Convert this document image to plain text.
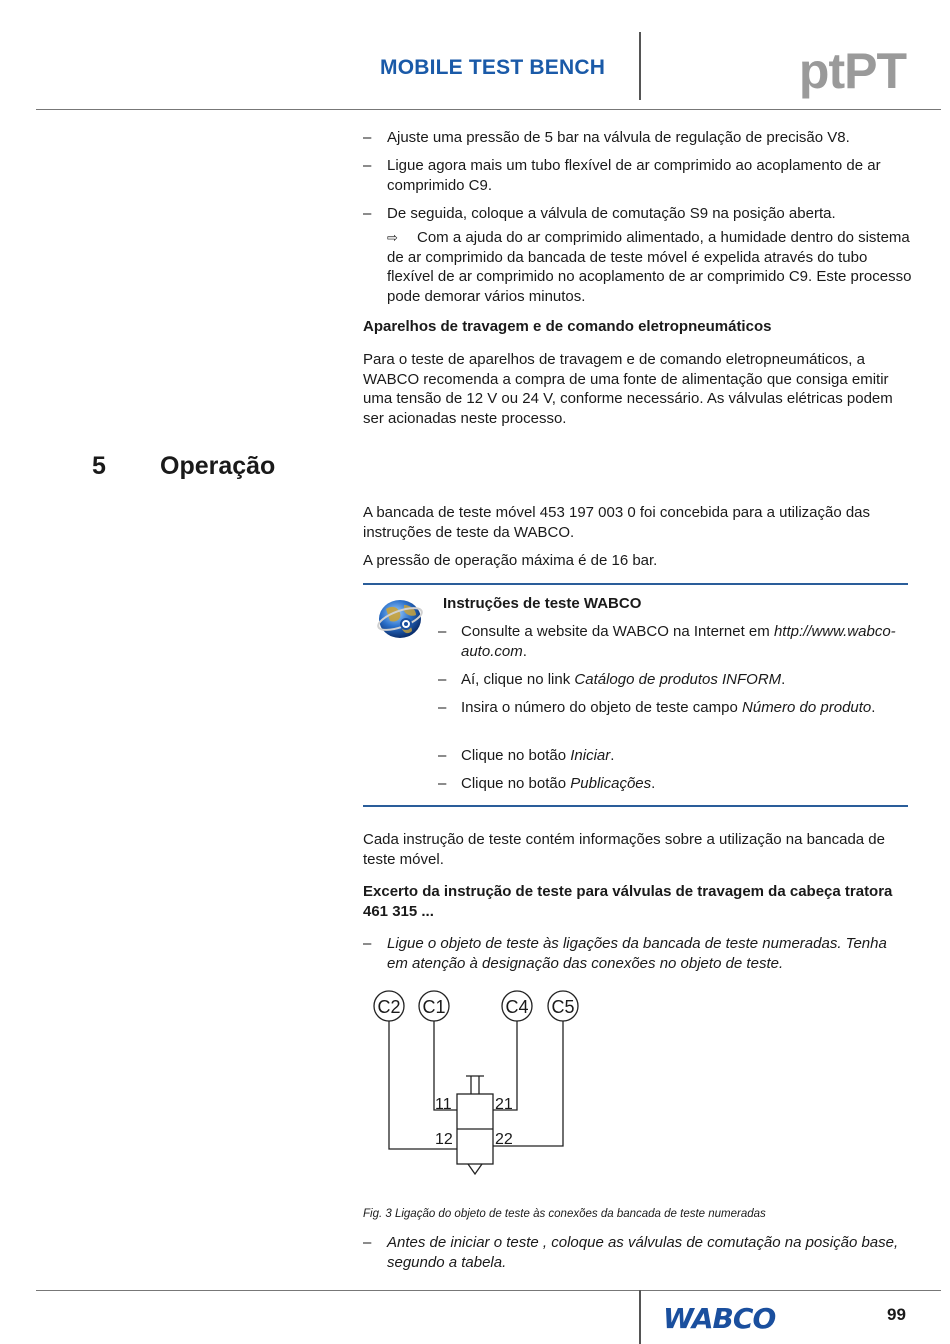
MOBILE TEST BENCH	ptPT
– Ajuste uma pressão de 5 bar na válvula de regulação de precisão V8.
– Ligue agora mais um tubo flexível de ar comprimido ao acoplamento de ar comprimido C9.
– De seguida, coloque a válvula de comutação S9 na posição aberta.
⇨ Com a ajuda do ar comprimido alimentado, a humidade dentro do sistema de ar comprimido da bancada de teste móvel é expelida através do tubo flexível de ar comprimido no acoplamento de ar comprimido C9. Este processo pode demorar vários minutos.
Aparelhos de travagem e de comando eletropneumáticos
Para o teste de aparelhos de travagem e de comando eletropneumáticos, a WABCO recomenda a compra de uma fonte de alimentação que consiga emitir uma tensão de 12 V ou 24 V, conforme necessário. As válvulas elétricas podem ser acionadas neste processo.
5 Operação
A bancada de teste móvel 453 197 003 0 foi concebida para a utilização das instruções de teste da WABCO.
A pressão de operação máxima é de 16 bar.
Instruções de teste WABCO
– Consulte a website da WABCO na Internet em http://www.wabco-auto.com.
– Aí, clique no link Catálogo de produtos INFORM.
– Insira o número do objeto de teste campo Número do produto.
– Clique no botão Iniciar.
– Clique no botão Publicações.
Cada instrução de teste contém informações sobre a utilização na bancada de teste móvel.
Excerto da instrução de teste para válvulas de travagem da cabeça tratora 461 315 ...
– Ligue o objeto de teste às ligações da bancada de teste numeradas. Tenha em atenção à designação das conexões no objeto de teste.
C2 C1	C4 C5
11	21
12	22
Fig. 3 Ligação do objeto de teste às conexões da bancada de teste numeradas
– Antes de iniciar o teste , coloque as válvulas de comutação na posição base, segundo a tabela.
WABCO	99
